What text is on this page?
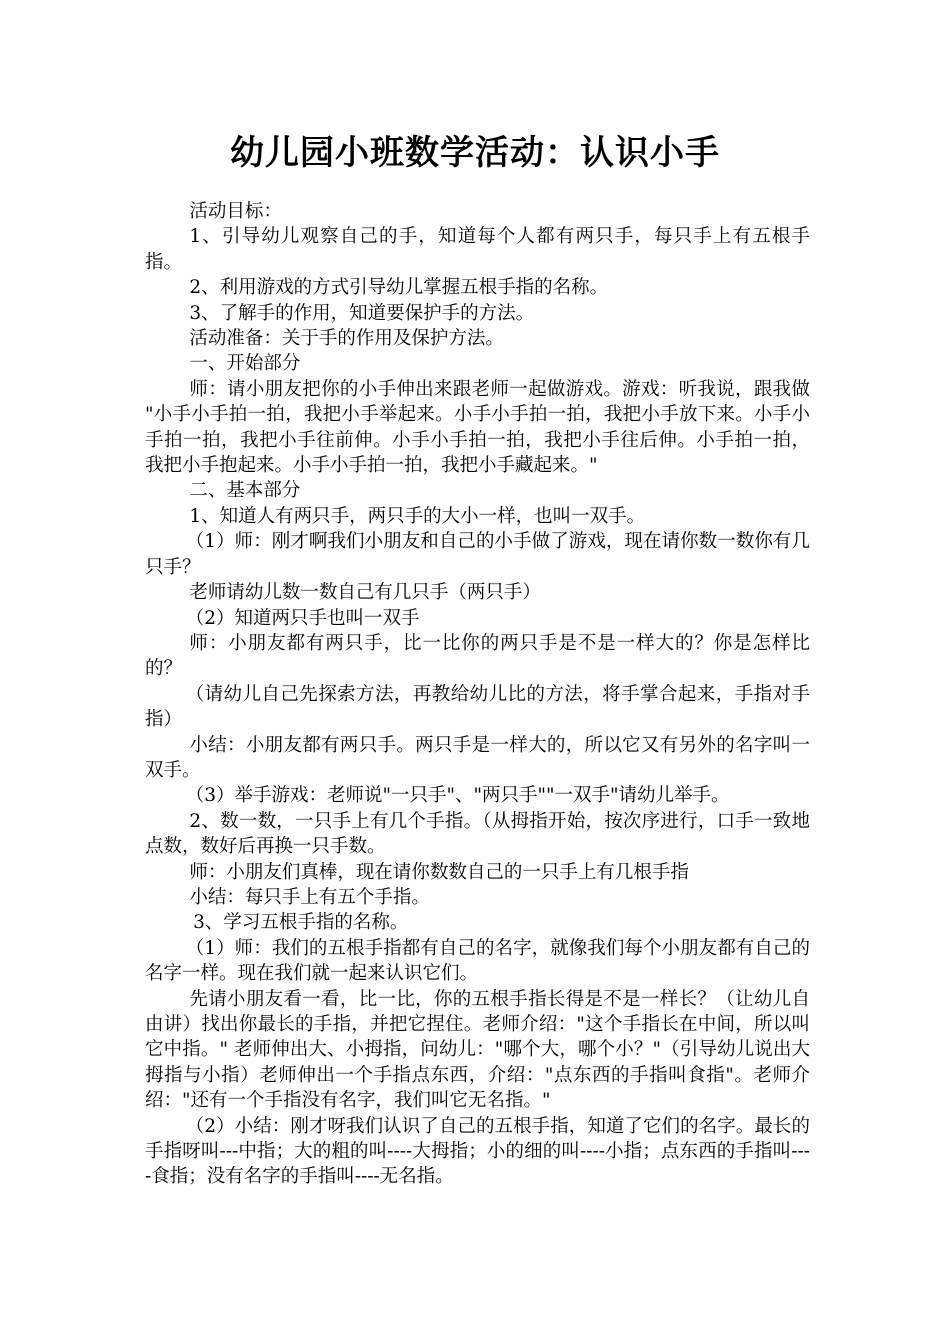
幼儿园小班数学活动：认识小手

活动目标：

1、引导幼儿观察自己的手，知道每个人都有两只手，每只手上有五根手指。

2、利用游戏的方式引导幼儿掌握五根手指的名称。

3、了解手的作用，知道要保护手的方法。

活动准备：关于手的作用及保护方法。

一、开始部分

师：请小朋友把你的小手伸出来跟老师一起做游戏。游戏：听我说，跟我做 "小手小手拍一拍，我把小手举起来。小手小手拍一拍，我把小手放下来。小手小手拍一拍，我把小手往前伸。小手小手拍一拍，我把小手往后伸。小手拍一拍，我把小手抱起来。小手小手拍一拍，我把小手藏起来。"

二、基本部分

1、知道人有两只手，两只手的大小一样，也叫一双手。

（1）师：刚才啊我们小朋友和自己的小手做了游戏，现在请你数一数你有几只手？

老师请幼儿数一数自己有几只手（两只手）

（2）知道两只手也叫一双手

师：小朋友都有两只手，比一比你的两只手是不是一样大的？你是怎样比的？

（请幼儿自己先探索方法，再教给幼儿比的方法，将手掌合起来，手指对手指）

小结：小朋友都有两只手。两只手是一样大的，所以它又有另外的名字叫一双手。

（3）举手游戏：老师说"一只手"、"两只手""一双手"请幼儿举手。

2、数一数，一只手上有几个手指。（从拇指开始，按次序进行，口手一致地点数，数好后再换一只手数。

师：小朋友们真棒，现在请你数数自己的一只手上有几根手指

小结：每只手上有五个手指。

3、学习五根手指的名称。

（1）师：我们的五根手指都有自己的名字，就像我们每个小朋友都有自己的名字一样。现在我们就一起来认识它们。

先请小朋友看一看，比一比，你的五根手指长得是不是一样长？（让幼儿自由讲）找出你最长的手指，并把它捏住。老师介绍："这个手指长在中间，所以叫它中指。" 老师伸出大、小拇指，问幼儿："哪个大，哪个小？"（引导幼儿说出大拇指与小指）老师伸出一个手指点东西，介绍："点东西的手指叫食指"。老师介绍："还有一个手指没有名字，我们叫它无名指。"

（2）小结：刚才呀我们认识了自己的五根手指，知道了它们的名字。最长的手指呀叫---中指；大的粗的叫----大拇指；小的细的叫----小指；点东西的手指叫----食指；没有名字的手指叫----无名指。
